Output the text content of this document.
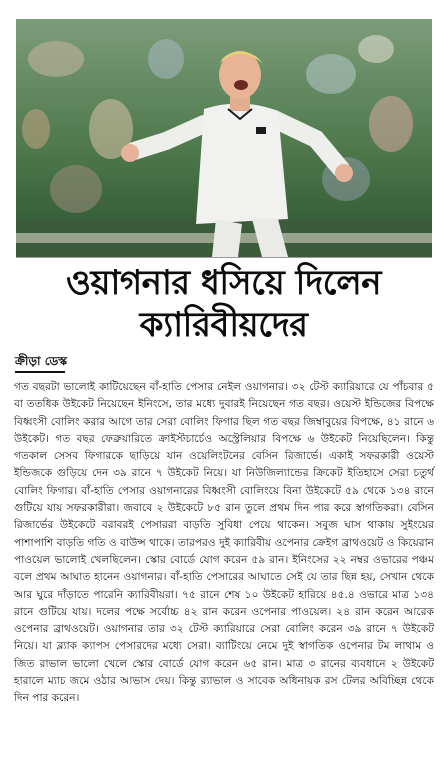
ওয়াগনার ধসিয়ে দিলেন
ক্যারিবীয়দের
ক্রীড়া ডেস্ক

গত বছরটা ভালোই কাটিয়েছেন বাঁ-হাতি পেসার নেইল ওয়াগনার। ৩২ টেস্ট ক্যারিয়ারে যে পাঁচবার ৫ বা ততধিক উইকেট নিয়েছেন ইনিংসে, তার মধ্যে দুবারই নিয়েছেন গত বছর। ওয়েস্ট ইন্ডিজের বিপক্ষে বিধ্বংসী বোলিং করার আগে তার সেরা বোলিং ফিগার ছিল গত বছর জিম্বাবুয়ের বিপক্ষে, ৪১ রানে ৬ উইকেট। গত বছর ফেব্রুয়ারিতে ক্রাইস্টচার্চেও অস্ট্রেলিয়ার বিপক্ষে ৬ উইকেট নিয়েছিলেন। কিন্তু গতকাল সেসব ফিগারকে ছাড়িয়ে যান ওয়েলিংটনের বেসিন রিজার্ভে। একাই সফরকারী ওয়েস্ট ইন্ডিজকে গুড়িয়ে দেন ৩৯ রানে ৭ উইকেট নিয়ে। যা নিউজিল্যান্ডের ক্রিকেট ইতিহাসে সেরা চতুর্থ বোলিং ফিগার। বাঁ-হাতি পেসার ওয়াগনারের বিধ্বংসী বোলিংয়ে বিনা উইকেটে ৫৯ থেকে ১৩৪ রানে গুটিয়ে যায় সফরকারীরা। জবাবে ২ উইকেটে ৮৫ রান তুলে প্রথম দিন পার করে স্বাগতিকরা। বেসিন রিজার্ভের উইকেটে বরাবরই পেসাররা বাড়তি সুবিধা পেয়ে থাকেন। সবুজ ঘাস থাকায় সুইংয়ের পাশাপাশি বাড়তি গতি ও বাউন্স থাকে। তারপরও দুই ক্যারিবীয় ওপেনার ক্রেইগ ব্রাথওয়েট ও কিয়েরান পাওয়েল ভালোই খেলছিলেন। স্কোর বোর্ডে যোগ করেন ৫৯ রান। ইনিংসের ২২ নম্বর ওভারের পঞ্চম বলে প্রথম আঘাত হানেন ওয়াগনার। বাঁ-হাতি পেসারের আঘাতে সেই যে তার ছিন্ন হয়, সেখান থেকে আর ঘুরে দাঁড়াতে পারেনি ক্যারিবীয়রা। ৭৫ রানে শেষ ১০ উইকেট হারিয়ে ৪৫.৪ ওভারে মাত্র ১৩৪ রানে গুটিয়ে যায়। দলের পক্ষে সর্বোচ্চ ৪২ রান করেন ওপেনার পাওয়েল। ২৪ রান করেন আরেক ওপেনার ব্রাথওয়েট। ওয়াগনার তার ৩২ টেস্ট ক্যারিয়ারে সেরা বোলিং করেন ৩৯ রানে ৭ উইকেট নিয়ে। যা ব্ল্যাক ক্যাপস পেসারদের মধ্যে সেরা। ব্যাটিংয়ে নেমে দুই স্বাগতিক ওপেনার টম লাথাম ও জিত রাভাল ভালো খেলে স্কোর বোর্ডে যোগ করেন ৬৫ রান। মাত্র ৩ রানের ব্যবধানে ২ উইকেট হারালে ম্যাচ জমে ওঠার আভাস দেয়। কিন্তু র‌্যাভাল ও সাবেক অধিনায়ক রস টেলর অবিচ্ছিন্ন থেকে দিন পার করেন।
